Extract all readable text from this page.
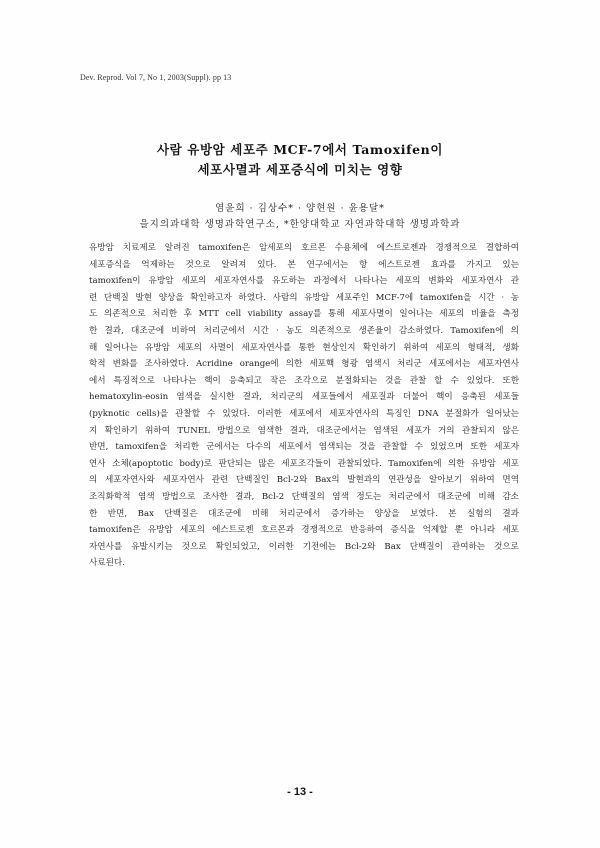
Dev. Reprod. Vol 7, No 1, 2003(Suppl). pp 13
사람 유방암 세포주 MCF-7에서 Tamoxifen이
세포사멸과 세포증식에 미치는 영향
염윤희 · 김상수* · 양현원 · 윤용달*
을지의과대학 생명과학연구소, *한양대학교 자연과학대학 생명과학과
유방암 치료제로 알려진 tamoxifen은 암세포의 호르몬 수용체에 에스트로젠과 경쟁적으로 결합하여
세포증식을 억제하는 것으로 알려져 있다. 본 연구에서는 항 에스트로젠 효과를 가지고 있는
tamoxifen이 유방암 세포의 세포자연사를 유도하는 과정에서 나타나는 세포의 변화와 세포자연사 관
련 단백질 발현 양상을 확인하고자 하였다. 사람의 유방암 세포주인 MCF-7에 tamoxifen을 시간 · 농
도 의존적으로 처리한 후 MTT cell viability assay를 통해 세포사멸이 일어나는 세포의 비율을 측정
한 결과, 대조군에 비하여 처리군에서 시간 · 농도 의존적으로 생존율이 감소하였다. Tamoxifen에 의
해 일어나는 유방암 세포의 사멸이 세포자연사를 통한 현상인지 확인하기 위하여 세포의 형태적, 생화
학적 변화를 조사하였다. Acridine orange에 의한 세포핵 형광 염색시 처리군 세포에서는 세포자연사
에서 특징적으로 나타나는 핵이 응축되고 작은 조각으로 분절화되는 것을 관찰 할 수 있었다. 또한
hematoxylin-eosin 염색을 실시한 결과, 처리군의 세포들에서 세포질과 더불어 핵이 응축된 세포들
(pyknotic cells)을 관찰할 수 있었다. 이러한 세포에서 세포자연사의 특징인 DNA 분절화가 일어났는
지 확인하기 위하여 TUNEL 방법으로 염색한 결과, 대조군에서는 염색된 세포가 거의 관찰되지 않은
반면, tamoxifen을 처리한 군에서는 다수의 세포에서 염색되는 것을 관찰할 수 있었으며 또한 세포자
연사 소체(apoptotic body)로 판단되는 많은 세포조각들이 관찰되었다. Tamoxifen에 의한 유방암 세포
의 세포자연사와 세포자연사 관련 단백질인 Bcl-2와 Bax의 발현과의 연관성을 알아보기 위하여 면역
조직화학적 염색 방법으로 조사한 결과, Bcl-2 단백질의 염색 정도는 처리군에서 대조군에 비해 감소
한 반면, Bax 단백질은 대조군에 비해 처리군에서 증가하는 양상을 보였다. 본 실험의 결과
tamoxifen은 유방암 세포의 에스트로젠 호르몬과 경쟁적으로 반응하여 증식을 억제할 뿐 아니라 세포
자연사를 유발시키는 것으로 확인되었고, 이러한 기전에는 Bcl-2와 Bax 단백질이 관여하는 것으로
사료된다.
- 13 -
